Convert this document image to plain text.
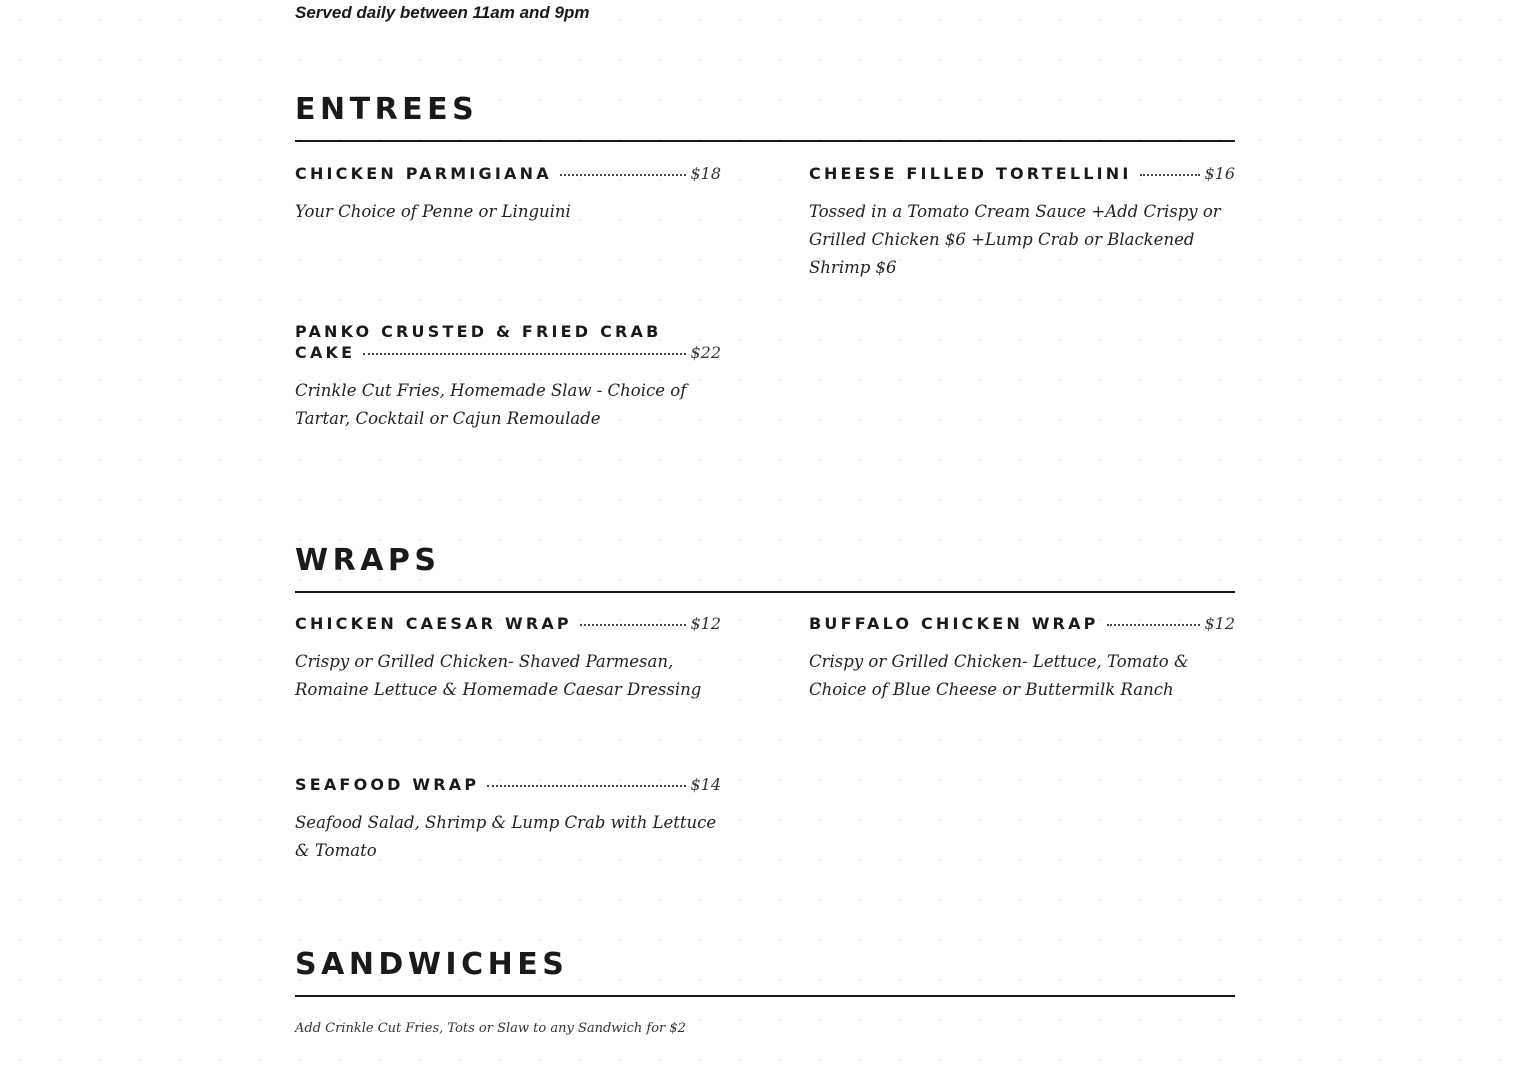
Served daily between 11am and 9pm
ENTREES
CHICKEN PARMIGIANA	$18
Your Choice of Penne or Linguini
CHEESE FILLED TORTELLINI	$16
Tossed in a Tomato Cream Sauce +Add Crispy or Grilled Chicken $6 +Lump Crab or Blackened Shrimp $6
PANKO CRUSTED & FRIED CRAB
CAKE	$22
Crinkle Cut Fries, Homemade Slaw - Choice of Tartar, Cocktail or Cajun Remoulade
WRAPS
CHICKEN CAESAR WRAP	$12
Crispy or Grilled Chicken- Shaved Parmesan, Romaine Lettuce & Homemade Caesar Dressing
BUFFALO CHICKEN WRAP	$12
Crispy or Grilled Chicken- Lettuce, Tomato & Choice of Blue Cheese or Buttermilk Ranch
SEAFOOD WRAP	$14
Seafood Salad, Shrimp & Lump Crab with Lettuce & Tomato
SANDWICHES
Add Crinkle Cut Fries, Tots or Slaw to any Sandwich for $2
